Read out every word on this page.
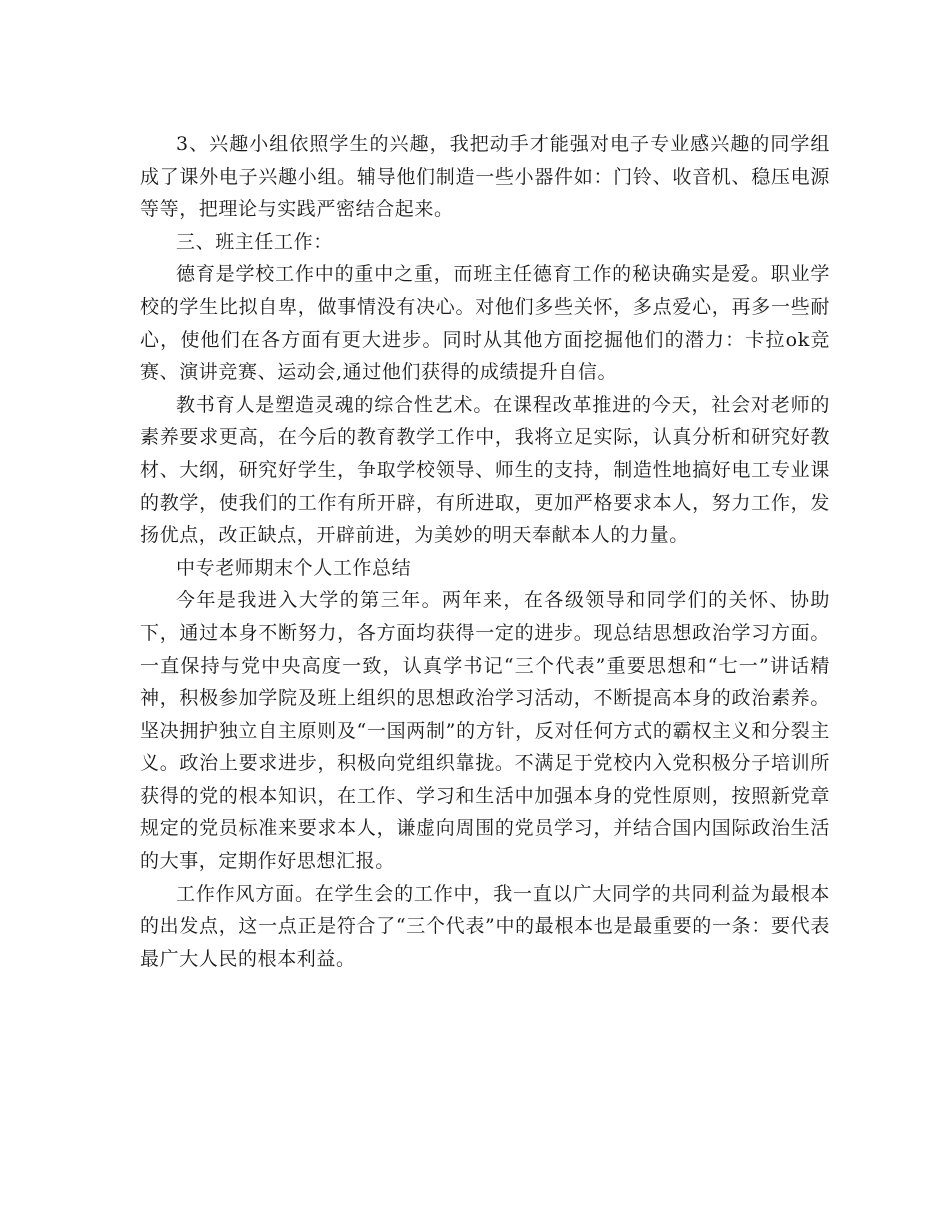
3、兴趣小组依照学生的兴趣，我把动手才能强对电子专业感兴趣的同学组成了课外电子兴趣小组。辅导他们制造一些小器件如：门铃、收音机、稳压电源等等，把理论与实践严密结合起来。

三、班主任工作：

德育是学校工作中的重中之重，而班主任德育工作的秘诀确实是爱。职业学校的学生比拟自卑，做事情没有决心。对他们多些关怀，多点爱心，再多一些耐心，使他们在各方面有更大进步。同时从其他方面挖掘他们的潜力：卡拉ok竞赛、演讲竞赛、运动会,通过他们获得的成绩提升自信。

教书育人是塑造灵魂的综合性艺术。在课程改革推进的今天，社会对老师的素养要求更高，在今后的教育教学工作中，我将立足实际，认真分析和研究好教材、大纲，研究好学生，争取学校领导、师生的支持，制造性地搞好电工专业课的教学，使我们的工作有所开辟，有所进取，更加严格要求本人，努力工作，发扬优点，改正缺点，开辟前进，为美妙的明天奉献本人的力量。

中专老师期末个人工作总结

今年是我进入大学的第三年。两年来，在各级领导和同学们的关怀、协助下，通过本身不断努力，各方面均获得一定的进步。现总结思想政治学习方面。一直保持与党中央高度一致，认真学书记“三个代表”重要思想和“七一”讲话精神，积极参加学院及班上组织的思想政治学习活动，不断提高本身的政治素养。坚决拥护独立自主原则及“一国两制”的方针，反对任何方式的霸权主义和分裂主义。政治上要求进步，积极向党组织靠拢。不满足于党校内入党积极分子培训所获得的党的根本知识，在工作、学习和生活中加强本身的党性原则，按照新党章规定的党员标准来要求本人，谦虚向周围的党员学习，并结合国内国际政治生活的大事，定期作好思想汇报。

工作作风方面。在学生会的工作中，我一直以广大同学的共同利益为最根本的出发点，这一点正是符合了“三个代表”中的最根本也是最重要的一条：要代表最广大人民的根本利益。
